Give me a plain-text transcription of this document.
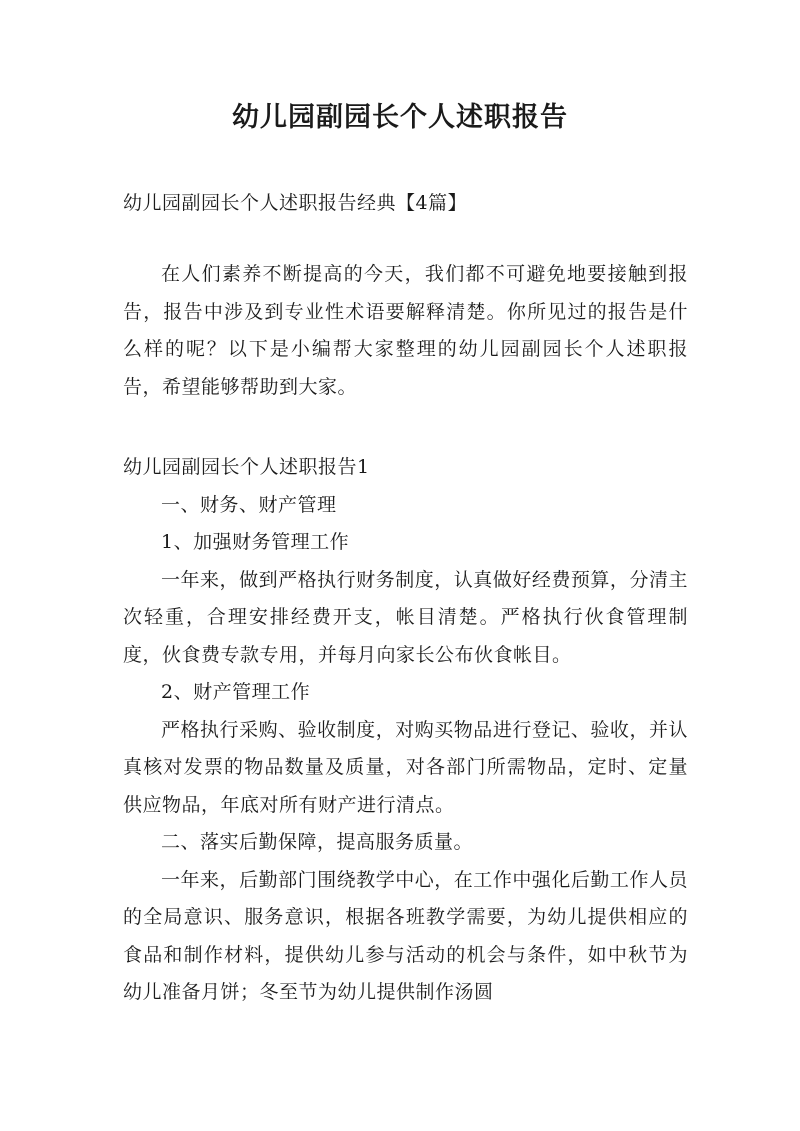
幼儿园副园长个人述职报告
幼儿园副园长个人述职报告经典【4篇】
在人们素养不断提高的今天，我们都不可避免地要接触到报告，报告中涉及到专业性术语要解释清楚。你所见过的报告是什么样的呢？以下是小编帮大家整理的幼儿园副园长个人述职报告，希望能够帮助到大家。

幼儿园副园长个人述职报告1

一、财务、财产管理

1、加强财务管理工作

一年来，做到严格执行财务制度，认真做好经费预算，分清主次轻重，合理安排经费开支，帐目清楚。严格执行伙食管理制度，伙食费专款专用，并每月向家长公布伙食帐目。

2、财产管理工作

严格执行采购、验收制度，对购买物品进行登记、验收，并认真核对发票的物品数量及质量，对各部门所需物品，定时、定量供应物品，年底对所有财产进行清点。

二、落实后勤保障，提高服务质量。

一年来，后勤部门围绕教学中心，在工作中强化后勤工作人员的全局意识、服务意识，根据各班教学需要，为幼儿提供相应的食品和制作材料，提供幼儿参与活动的机会与条件，如中秋节为幼儿准备月饼；冬至节为幼儿提供制作汤圆
